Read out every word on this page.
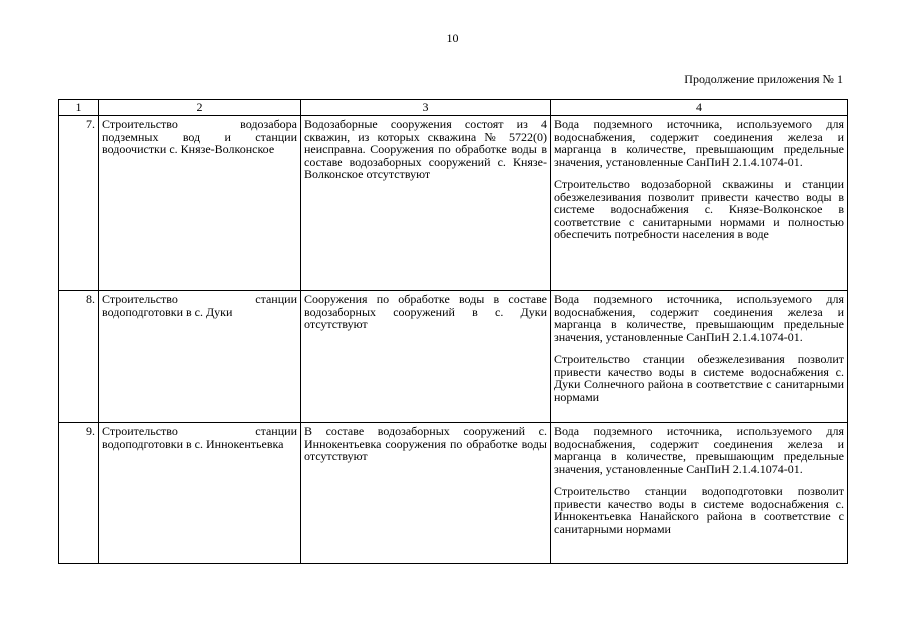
10
Продолжение приложения № 1
1	2	3	4
7.	Строительство водозабора подземных вод и станции водоочистки с. Князе-Волконское	Водозаборные сооружения состоят из 4 скважин, из которых скважина № 5722(0) неисправна. Сооружения по обработке воды в составе водозаборных сооружений с. Князе-Волконское отсутствуют	Вода подземного источника, используемого для водоснабжения, содержит соединения железа и марганца в количестве, превышающим предельные значения, установленные СанПиН 2.1.4.1074-01.
Строительство водозаборной скважины и станции обезжелезивания позволит привести качество воды в системе водоснабжения с. Князе-Волконское в соответствие с санитарными нормами и полностью обеспечить потребности населения в воде

8.	Строительство станции водоподготовки в с. Дуки	Сооружения по обработке воды в составе водозаборных сооружений в с. Дуки отсутствуют	Вода подземного источника, используемого для водоснабжения, содержит соединения железа и марганца в количестве, превышающим предельные значения, установленные СанПиН 2.1.4.1074-01.
Строительство станции обезжелезивания позволит привести качество воды в системе водоснабжения с. Дуки Солнечного района в соответствие с санитарными нормами

9.	Строительство станции водоподготовки в с. Иннокентьевка	В составе водозаборных сооружений с. Иннокентьевка сооружения по обработке воды отсутствуют	Вода подземного источника, используемого для водоснабжения, содержит соединения железа и марганца в количестве, превышающим предельные значения, установленные СанПиН 2.1.4.1074-01.
Строительство станции водоподготовки позволит привести качество воды в системе водоснабжения с. Иннокентьевка Нанайского района в соответствие с санитарными нормами
